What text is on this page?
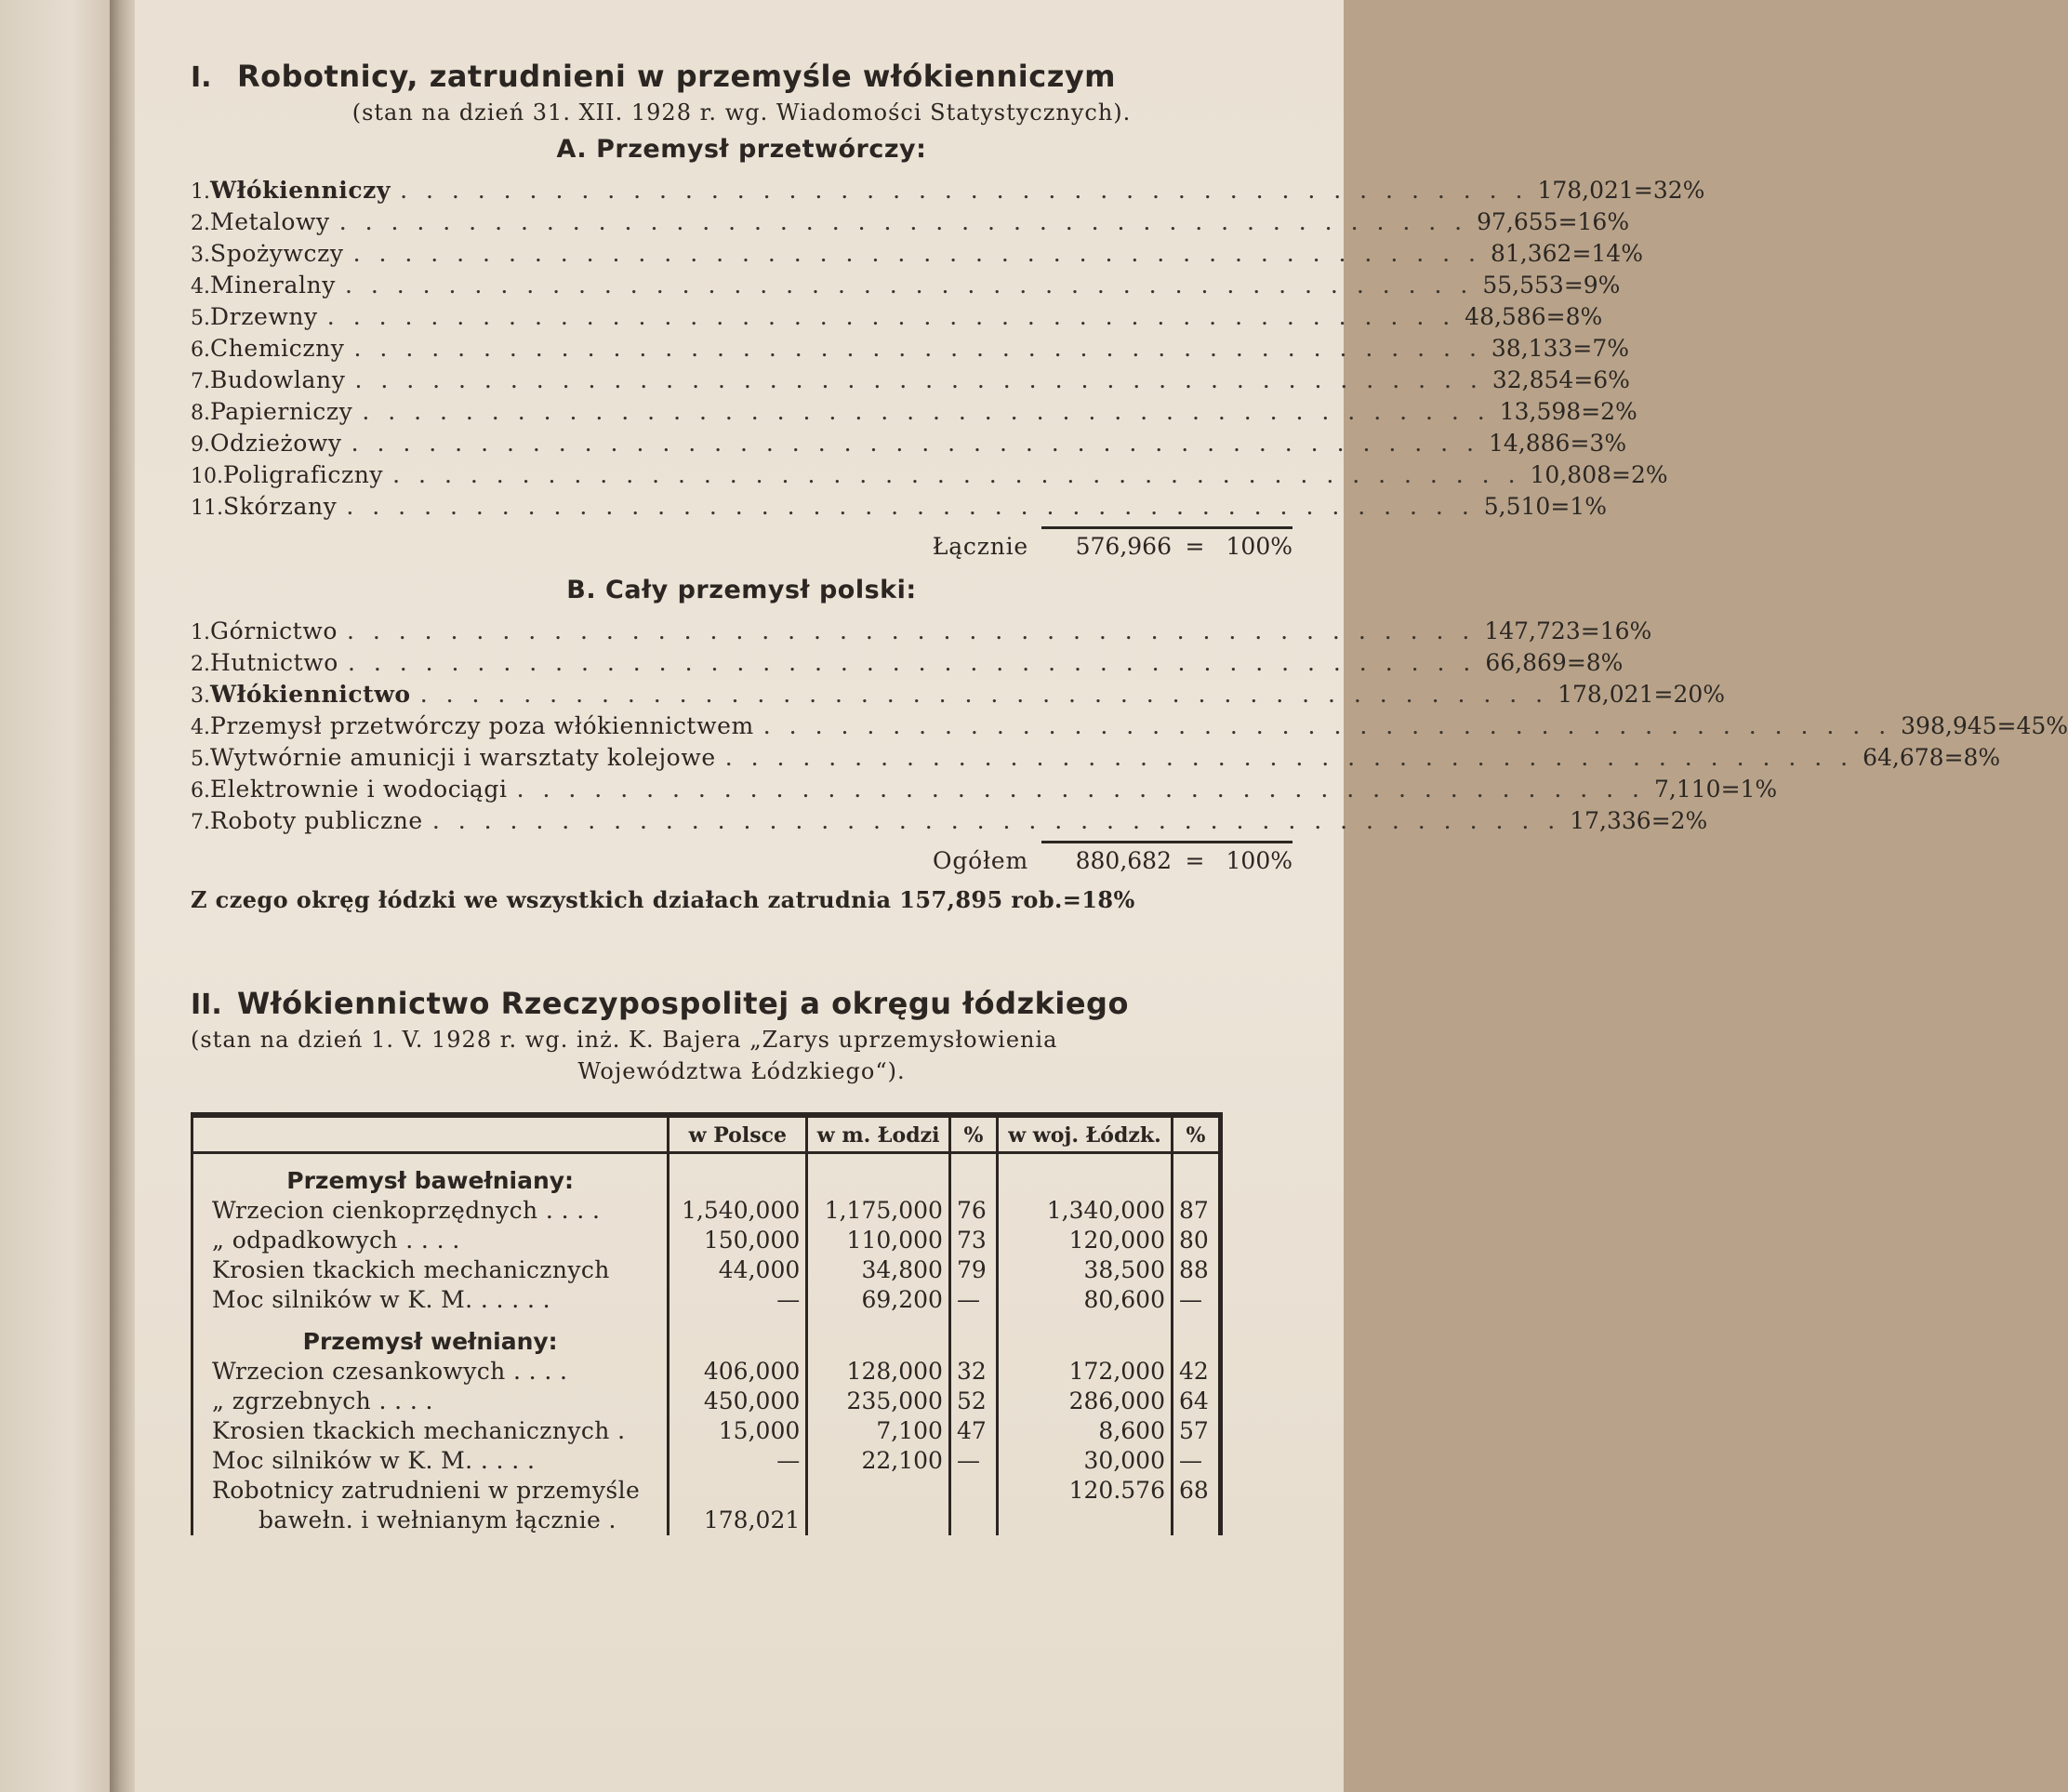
I. Robotnicy, zatrudnieni w przemyśle włókienniczym
(stan na dzień 31. XII. 1928 r. wg. Wiadomości Statystycznych).
A. Przemysł przetwórczy:
1. Włókienniczy . . . . . . . . . . . . . . . . . . . . . . . . . . . . . . . . . . . . . . . . . . . . 178,021 = 32%
2. Metalowy . . . . . . . . . . . . . . . . . . . . . . . . . . . . . . . . . . . . . . . . . . . . 97,655 = 16%
3. Spożywczy . . . . . . . . . . . . . . . . . . . . . . . . . . . . . . . . . . . . . . . . . . . . 81,362 = 14%
4. Mineralny . . . . . . . . . . . . . . . . . . . . . . . . . . . . . . . . . . . . . . . . . . . . 55,553 = 9%
5. Drzewny . . . . . . . . . . . . . . . . . . . . . . . . . . . . . . . . . . . . . . . . . . . . 48,586 = 8%
6. Chemiczny . . . . . . . . . . . . . . . . . . . . . . . . . . . . . . . . . . . . . . . . . . . . 38,133 = 7%
7. Budowlany . . . . . . . . . . . . . . . . . . . . . . . . . . . . . . . . . . . . . . . . . . . . 32,854 = 6%
8. Papierniczy . . . . . . . . . . . . . . . . . . . . . . . . . . . . . . . . . . . . . . . . . . . . 13,598 = 2%
9. Odzieżowy . . . . . . . . . . . . . . . . . . . . . . . . . . . . . . . . . . . . . . . . . . . . 14,886 = 3%
10. Poligraficzny . . . . . . . . . . . . . . . . . . . . . . . . . . . . . . . . . . . . . . . . . . . . 10,808 = 2%
11. Skórzany . . . . . . . . . . . . . . . . . . . . . . . . . . . . . . . . . . . . . . . . . . . . 5,510 = 1%
Łącznie	576,966 = 100%
B. Cały przemysł polski:
1. Górnictwo . . . . . . . . . . . . . . . . . . . . . . . . . . . . . . . . . . . . . . . . . . . . 147,723 = 16%
2. Hutnictwo . . . . . . . . . . . . . . . . . . . . . . . . . . . . . . . . . . . . . . . . . . . . 66,869 = 8%
3. Włókiennictwo . . . . . . . . . . . . . . . . . . . . . . . . . . . . . . . . . . . . . . . . . . . . 178,021 = 20%
4. Przemysł przetwórczy poza włókiennictwem . . . . . . . . . . . . . . . . . . . . . . . . . . . . . . . . . . . . . . . . . . . . 398,945 = 45%
5. Wytwórnie amunicji i warsztaty kolejowe . . . . . . . . . . . . . . . . . . . . . . . . . . . . . . . . . . . . . . . . . . . . 64,678 = 8%
6. Elektrownie i wodociągi . . . . . . . . . . . . . . . . . . . . . . . . . . . . . . . . . . . . . . . . . . . . 7,110 = 1%
7. Roboty publiczne . . . . . . . . . . . . . . . . . . . . . . . . . . . . . . . . . . . . . . . . . . . . 17,336 = 2%
Ogółem	880,682 = 100%
Z czego okręg łódzki we wszystkich działach zatrudnia 157,895 rob.=18%
II. Włókiennictwo Rzeczypospolitej a okręgu łódzkiego
(stan na dzień 1. V. 1928 r. wg. inż. K. Bajera „Zarys uprzemysłowienia
Województwa Łódzkiego“).
	w Polsce	w m. Łodzi	%	w woj. Łódzk.	%
Przemysł bawełniany:					
Wrzecion cienkoprzędnych . . . .	1,540,000	1,175,000	76	1,340,000	87
„ odpadkowych . . . .	150,000	110,000	73	120,000	80
Krosien tkackich mechanicznych	44,000	34,800	79	38,500	88
Moc silników w K. M. . . . . .	—	69,200	—	80,600	—
Przemysł wełniany:					
Wrzecion czesankowych . . . .	406,000	128,000	32	172,000	42
„ zgrzebnych . . . .	450,000	235,000	52	286,000	64
Krosien tkackich mechanicznych .	15,000	7,100	47	8,600	57
Moc silników w K. M. . . . .	—	22,100	—	30,000	—
Robotnicy zatrudnieni w przemyśle				120.576	68
bawełn. i wełnianym łącznie .	178,021				
